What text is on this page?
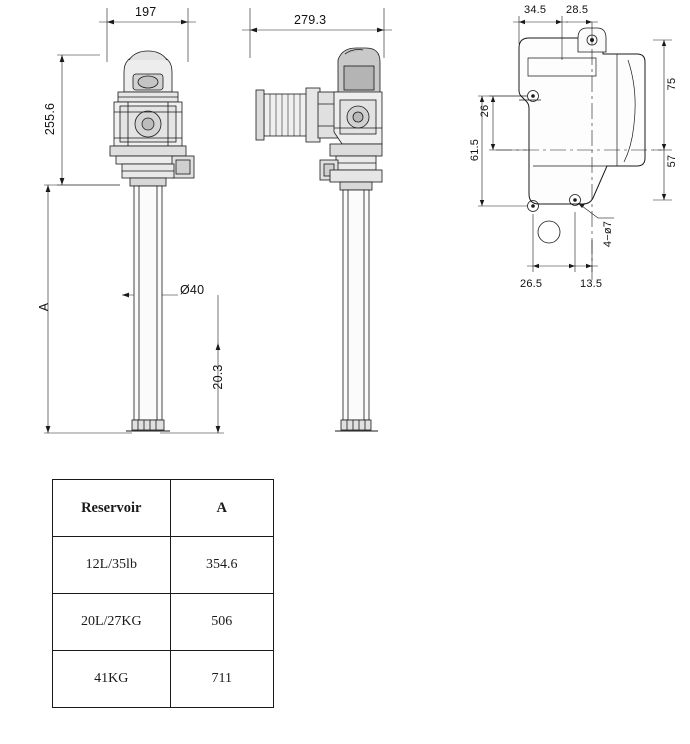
197
255.6
A
Ø40
20.3
279.3
34.5 28.5
26
61.5
75
57
26.5	13.5
4−ø7
Reservoir	A
12L/35lb	354.6
20L/27KG	506
41KG	711
